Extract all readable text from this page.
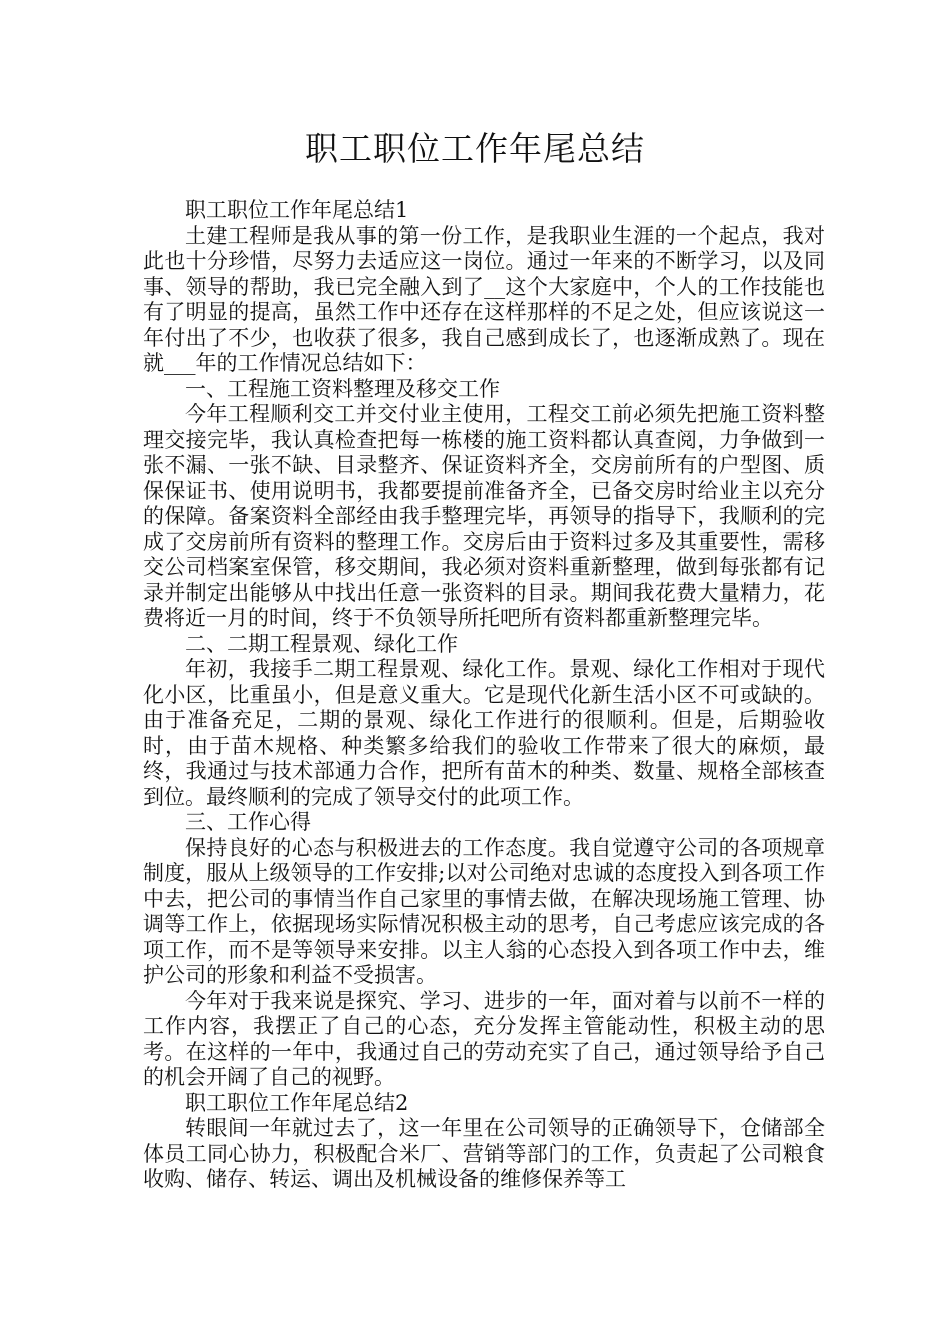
职工职位工作年尾总结

职工职位工作年尾总结1

土建工程师是我从事的第一份工作，是我职业生涯的一个起点，我对此也十分珍惜，尽努力去适应这一岗位。通过一年来的不断学习，以及同事、领导的帮助，我已完全融入到了__这个大家庭中，个人的工作技能也有了明显的提高，虽然工作中还存在这样那样的不足之处，但应该说这一年付出了不少，也收获了很多，我自己感到成长了，也逐渐成熟了。现在就___年的工作情况总结如下：

一、工程施工资料整理及移交工作

今年工程顺利交工并交付业主使用，工程交工前必须先把施工资料整理交接完毕，我认真检查把每一栋楼的施工资料都认真查阅，力争做到一张不漏、一张不缺、目录整齐、保证资料齐全，交房前所有的户型图、质保保证书、使用说明书，我都要提前准备齐全，已备交房时给业主以充分的保障。备案资料全部经由我手整理完毕，再领导的指导下，我顺利的完成了交房前所有资料的整理工作。交房后由于资料过多及其重要性，需移交公司档案室保管，移交期间，我必须对资料重新整理，做到每张都有记录并制定出能够从中找出任意一张资料的目录。期间我花费大量精力，花费将近一月的时间，终于不负领导所托吧所有资料都重新整理完毕。

二、二期工程景观、绿化工作

年初，我接手二期工程景观、绿化工作。景观、绿化工作相对于现代化小区，比重虽小，但是意义重大。它是现代化新生活小区不可或缺的。由于准备充足，二期的景观、绿化工作进行的很顺利。但是，后期验收时，由于苗木规格、种类繁多给我们的验收工作带来了很大的麻烦，最终，我通过与技术部通力合作，把所有苗木的种类、数量、规格全部核查到位。最终顺利的完成了领导交付的此项工作。

三、工作心得

保持良好的心态与积极进去的工作态度。我自觉遵守公司的各项规章制度，服从上级领导的工作安排;以对公司绝对忠诚的态度投入到各项工作中去，把公司的事情当作自己家里的事情去做，在解决现场施工管理、协调等工作上，依据现场实际情况积极主动的思考，自己考虑应该完成的各项工作，而不是等领导来安排。以主人翁的心态投入到各项工作中去，维护公司的形象和利益不受损害。

今年对于我来说是探究、学习、进步的一年，面对着与以前不一样的工作内容，我摆正了自己的心态，充分发挥主管能动性，积极主动的思考。在这样的一年中，我通过自己的劳动充实了自己，通过领导给予自己的机会开阔了自己的视野。

职工职位工作年尾总结2

转眼间一年就过去了，这一年里在公司领导的正确领导下，仓储部全体员工同心协力，积极配合米厂、营销等部门的工作，负责起了公司粮食收购、储存、转运、调出及机械设备的维修保养等工
